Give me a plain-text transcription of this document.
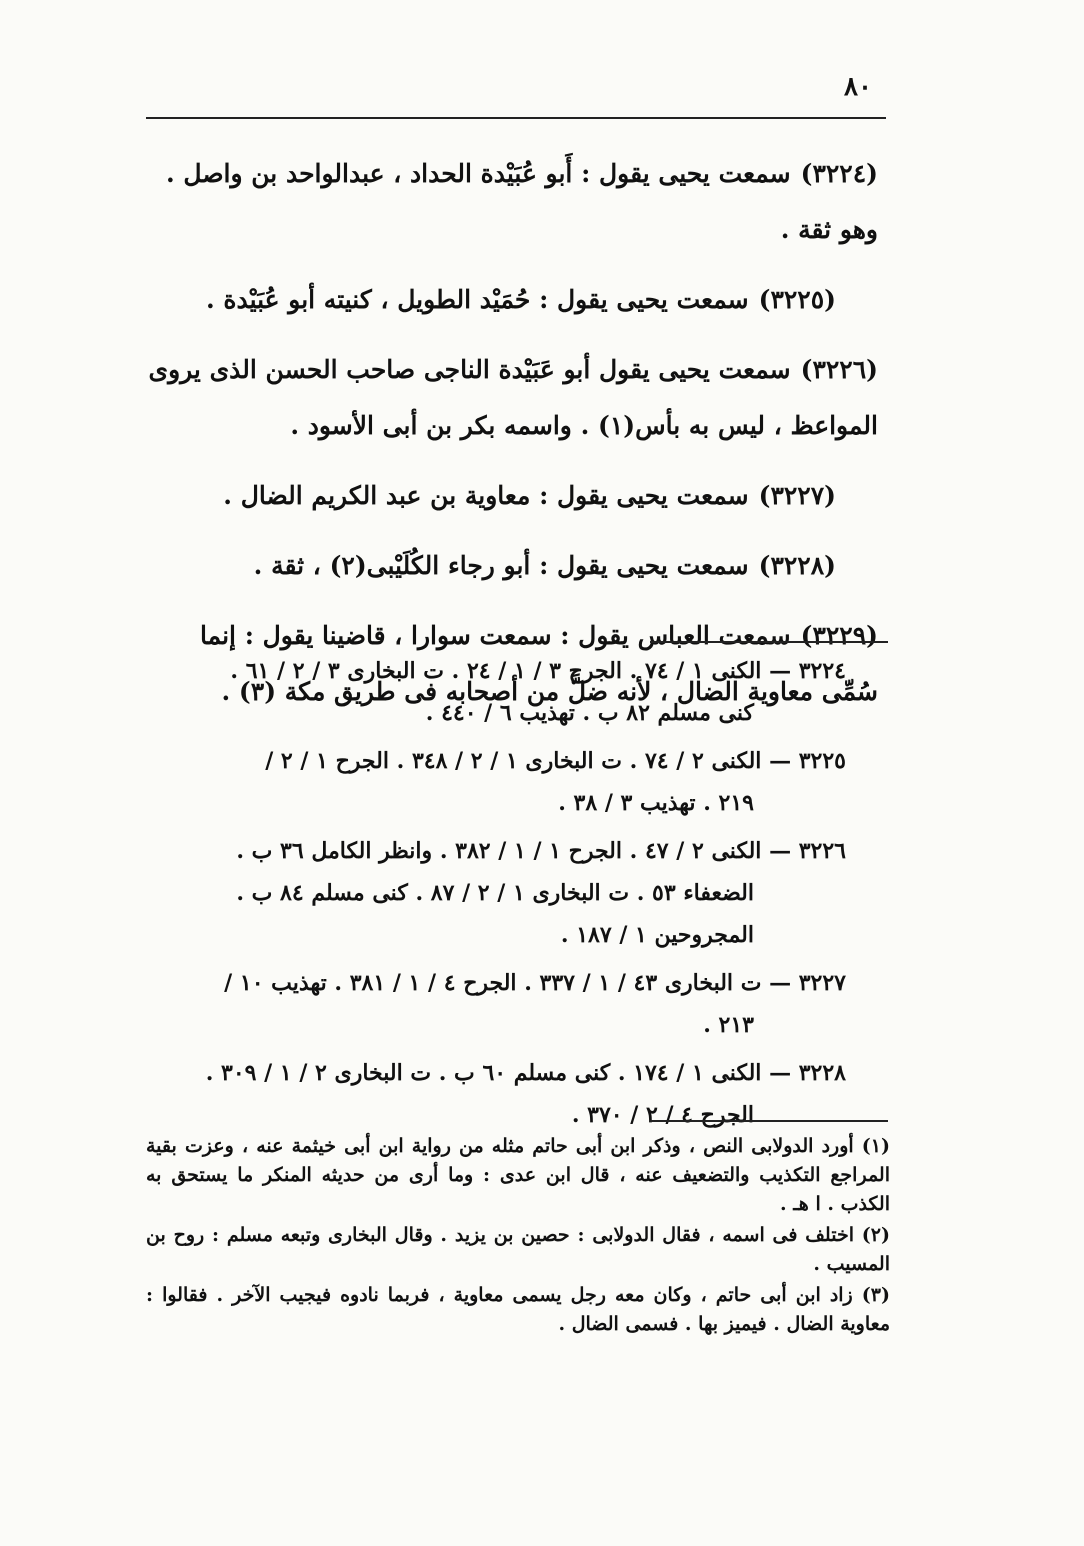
٨٠

(٣٢٢٤)سمعت يحيى يقول : أَبو عُبَيْدة الحداد ، عبدالواحد بن واصل . وهو ثقة .

(٣٢٢٥)سمعت يحيى يقول : حُمَيْد الطويل ، كنيته أبو عُبَيْدة .

(٣٢٢٦)سمعت يحيى يقول أبو عَبَيْدة الناجى صاحب الحسن الذى يروى المواعظ ، ليس به بأس(١) . واسمه بكر بن أبى الأسود .

(٣٢٢٧)سمعت يحيى يقول : معاوية بن عبد الكريم الضال .

(٣٢٢٨)سمعت يحيى يقول : أبو رجاء الكُلَيْبى(٢) ، ثقة .

(٣٢٢٩)سمعت العباس يقول : سمعت سوارا ، قاضينا يقول : إنما سُمِّى معاوية الضال ، لأنه ضلَّ من أصحابه فى طريق مكة (٣) .

٣٢٢٤ — الكنى ١ / ٧٤ . الجرح ٣ / ١ / ٢٤ . ت البخارى ٣ / ٢ / ٦١ .
كنى مسلم ٨٢ ب . تهذيب ٦ / ٤٤٠ .
٣٢٢٥ — الكنى ٢ / ٧٤ . ت البخارى ١ / ٢ / ٣٤٨ . الجرح ١ / ٢ /
٢١٩ . تهذيب ٣ / ٣٨ .
٣٢٢٦ — الكنى ٢ / ٤٧ . الجرح ١ / ١ / ٣٨٢ . وانظر الكامل ٣٦ ب .
الضعفاء ٥٣ . ت البخارى ١ / ٢ / ٨٧ . كنى مسلم ٨٤ ب .
المجروحين ١ / ١٨٧ .
٣٢٢٧ — ت البخارى ٤٣ / ١ / ٣٣٧ . الجرح ٤ / ١ / ٣٨١ . تهذيب ١٠ /
٢١٣ .
٣٢٢٨ — الكنى ١ / ١٧٤ . كنى مسلم ٦٠ ب . ت البخارى ٢ / ١ / ٣٠٩ .
الجرح ٤ / ٢ / ٣٧٠ .

(١) أورد الدولابى النص ، وذكر ابن أبى حاتم مثله من رواية ابن أبى خيثمة عنه ، وعزت بقية المراجع التكذيب والتضعيف عنه ، قال ابن عدى : وما أرى من حديثه المنكر ما يستحق به الكذب . ا هـ .

(٢) اختلف فى اسمه ، فقال الدولابى : حصين بن يزيد . وقال البخارى وتبعه مسلم : روح بن المسيب .

(٣) زاد ابن أبى حاتم ، وكان معه رجل يسمى معاوية ، فربما نادوه فيجيب الآخر . فقالوا : معاوية الضال . فيميز بها . فسمى الضال .
